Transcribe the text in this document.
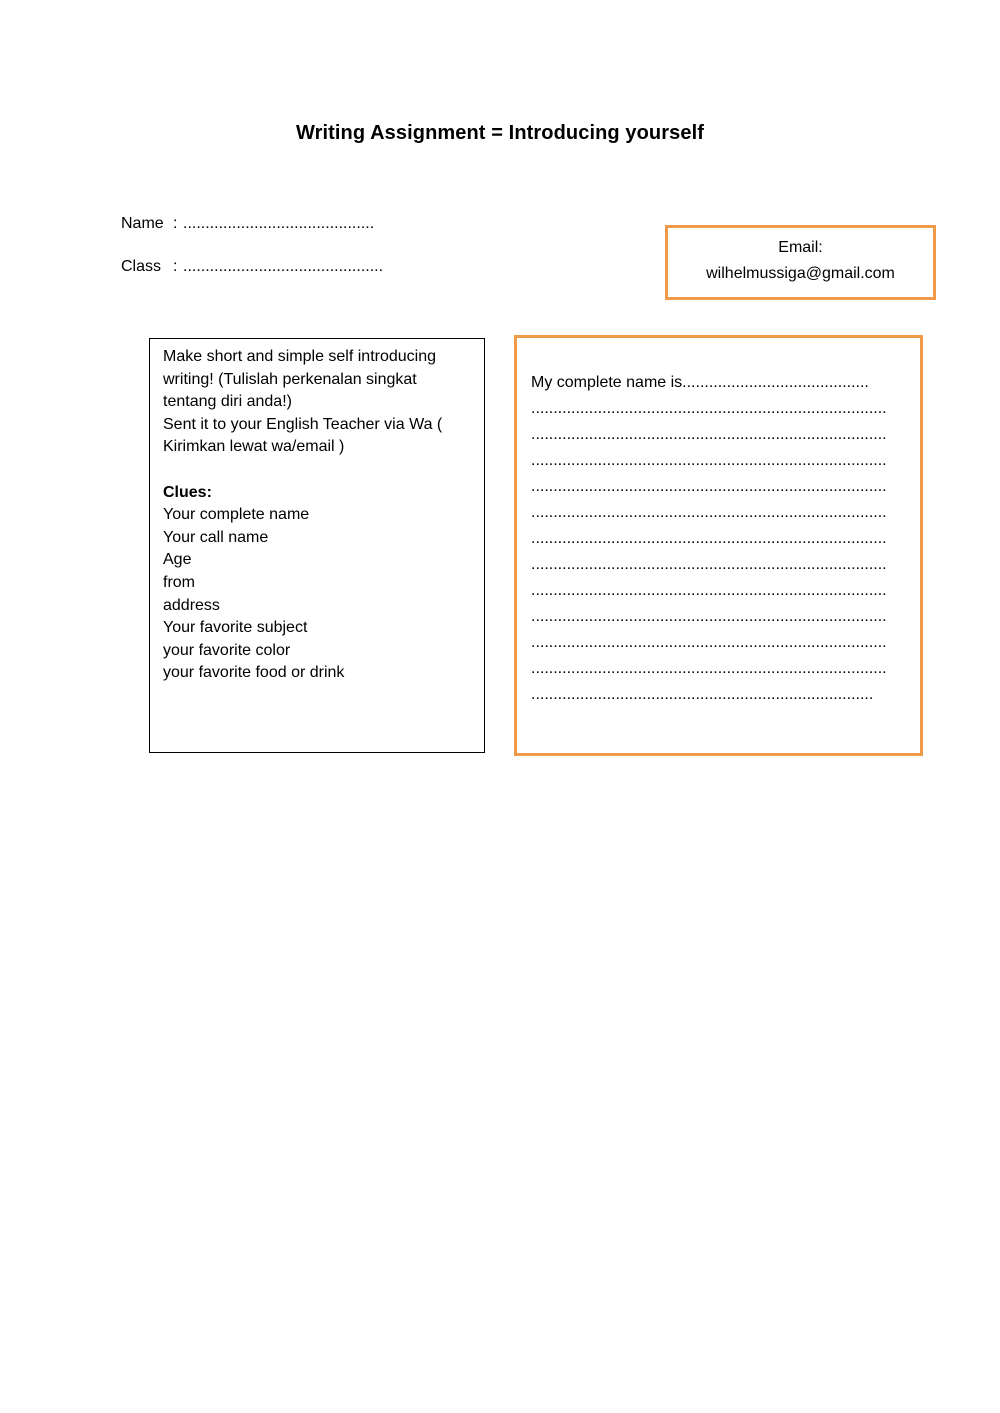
Writing Assignment = Introducing yourself
Name : ...........................................
Class : .............................................
Email:
wilhelmussiga@gmail.com

Make short and simple self introducing

writing! (Tulislah perkenalan singkat

tentang diri anda!)

Sent it to your English Teacher via Wa (

Kirimkan lewat wa/email )

Clues:

Your complete name
Your call name
Age
from
address
Your favorite subject
your favorite color
your favorite food or drink
My complete name is..........................................
................................................................................
................................................................................
................................................................................
................................................................................
................................................................................
................................................................................
................................................................................
................................................................................
................................................................................
................................................................................
................................................................................
.............................................................................
